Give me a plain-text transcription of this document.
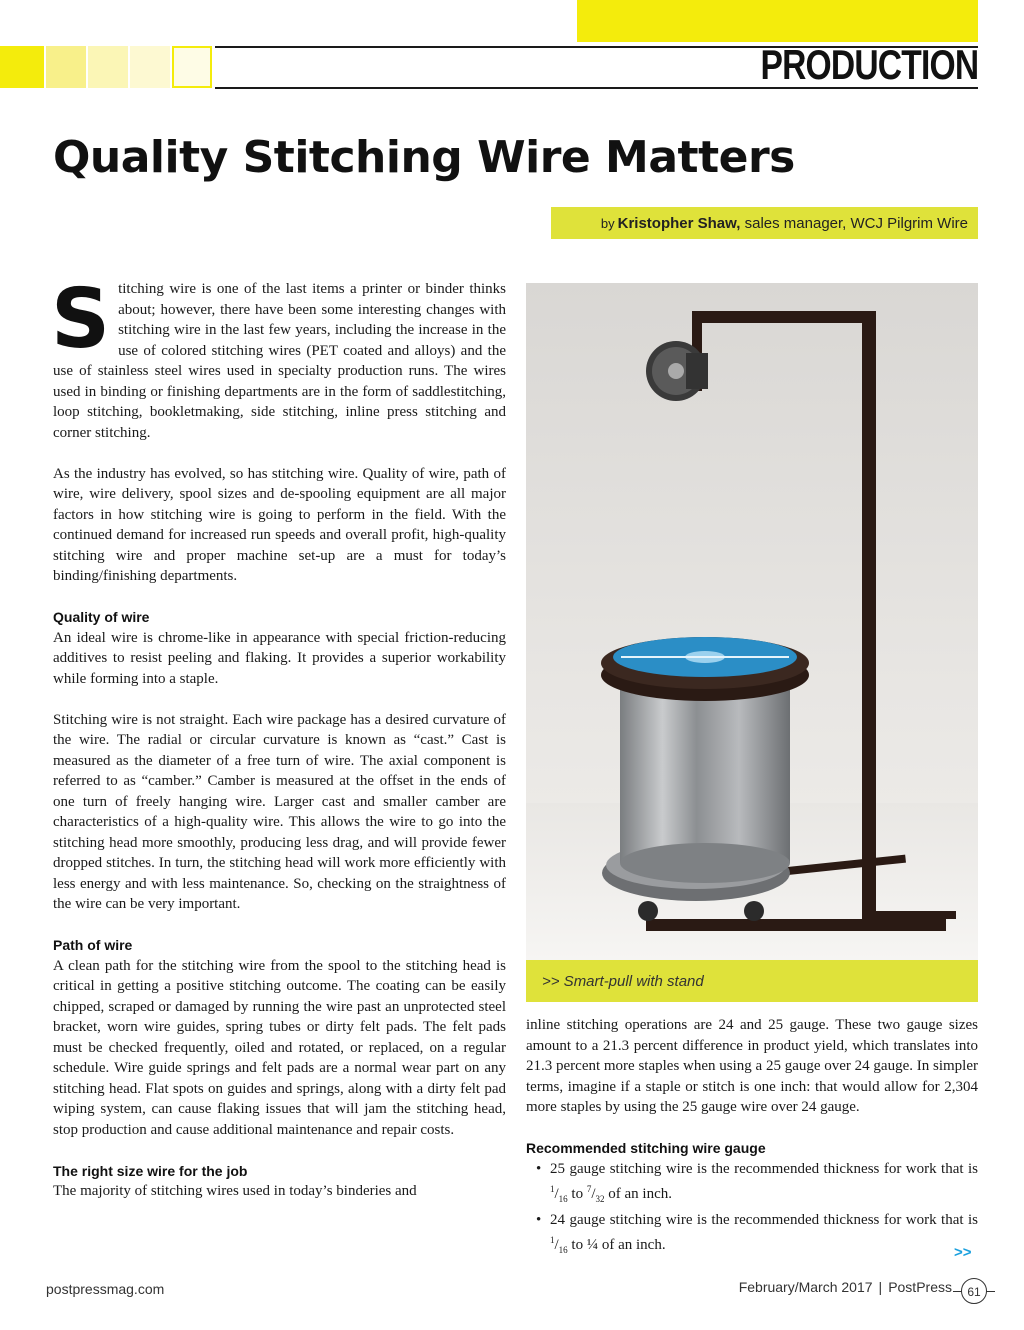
PRODUCTION
Quality Stitching Wire Matters
by Kristopher Shaw,
sales manager, WCJ Pilgrim Wire

Stitching wire is one of the last items a printer or binder thinks about; however, there have been some interesting changes with stitching wire in the last few years, including the increase in the use of colored stitching wires (PET coated and alloys) and the use of stainless steel wires used in specialty production runs. The wires used in binding or finishing departments are in the form of saddlestitching, loop stitching, bookletmaking, side stitching, inline press stitching and corner stitching.

As the industry has evolved, so has stitching wire. Quality of wire, path of wire, wire delivery, spool sizes and de-spooling equipment are all major factors in how stitching wire is going to perform in the field. With the continued demand for increased run speeds and overall profit, high-quality stitching wire and proper machine set-up are a must for today’s binding/finishing departments.

Quality of wire

An ideal wire is chrome-like in appearance with special friction-reducing additives to resist peeling and flaking. It provides a superior workability while forming into a staple.

Stitching wire is not straight. Each wire package has a desired curvature of the wire. The radial or circular curvature is known as “cast.” Cast is measured as the diameter of a free turn of wire. The axial component is referred to as “camber.” Camber is measured at the offset in the ends of one turn of freely hanging wire. Larger cast and smaller camber are characteristics of a high-quality wire. This allows the wire to go into the stitching head more smoothly, producing less drag, and will provide fewer dropped stitches. In turn, the stitching head will work more efficiently with less energy and with less maintenance. So, checking on the straightness of the wire can be very important.

Path of wire

A clean path for the stitching wire from the spool to the stitching head is critical in getting a positive stitching outcome. The coating can be easily chipped, scraped or damaged by running the wire past an unprotected steel bracket, worn wire guides, spring tubes or dirty felt pads. The felt pads must be checked frequently, oiled and rotated, or replaced, on a regular schedule. Wire guide springs and felt pads are a normal wear part on any stitching head. Flat spots on guides and springs, along with a dirty felt pad wiping system, can cause flaking issues that will jam the stitching head, stop production and cause additional maintenance and repair costs.

The right size wire for the job

The majority of stitching wires used in today’s binderies and

>> Smart-pull with stand

inline stitching operations are 24 and 25 gauge. These two gauge sizes amount to a 21.3 percent difference in product yield, which translates into 21.3 percent more staples when using a 25 gauge over 24 gauge. In simpler terms, imagine if a staple or stitch is one inch: that would allow for 2,304 more staples by using the 25 gauge wire over 24 gauge.

Recommended stitching wire gauge
• 25 gauge stitching wire is the recommended thickness for work that is $^1/_{16}$ to $^7/_{32}$ of an inch.
• 24 gauge stitching wire is the recommended thickness for work that is $^1/_{16}$ to ¼ of an inch.	>>
postpressmag.com	February/March 2017 | PostPress	61
